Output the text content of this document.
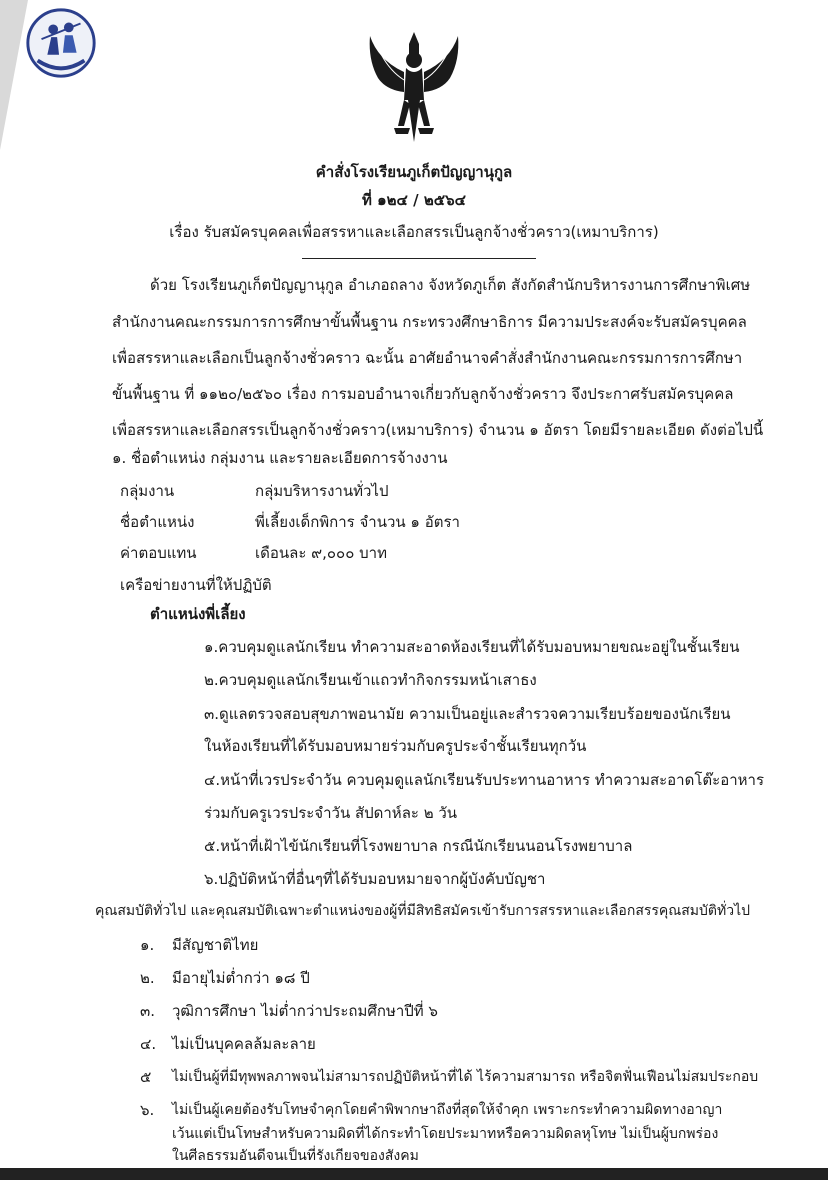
คำสั่งโรงเรียนภูเก็ตปัญญานุกูล
ที่ ๑๒๔ / ๒๕๖๔
เรื่อง รับสมัครบุคคลเพื่อสรรหาและเลือกสรรเป็นลูกจ้างชั่วคราว(เหมาบริการ)
ด้วย โรงเรียนภูเก็ตปัญญานุกูล อำเภอถลาง จังหวัดภูเก็ต สังกัดสำนักบริหารงานการศึกษาพิเศษ
สำนักงานคณะกรรมการการศึกษาขั้นพื้นฐาน กระทรวงศึกษาธิการ มีความประสงค์จะรับสมัครบุคคล
เพื่อสรรหาและเลือกเป็นลูกจ้างชั่วคราว ฉะนั้น อาศัยอำนาจคำสั่งสำนักงานคณะกรรมการการศึกษา
ขั้นพื้นฐาน ที่ ๑๑๒๐/๒๕๖๐ เรื่อง การมอบอำนาจเกี่ยวกับลูกจ้างชั่วคราว จึงประกาศรับสมัครบุคคล
เพื่อสรรหาและเลือกสรรเป็นลูกจ้างชั่วคราว(เหมาบริการ) จำนวน ๑ อัตรา โดยมีรายละเอียด ดังต่อไปนี้
๑. ชื่อตำแหน่ง กลุ่มงาน และรายละเอียดการจ้างงาน
กลุ่มงาน	กลุ่มบริหารงานทั่วไป
ชื่อตำแหน่ง	พี่เลี้ยงเด็กพิการ จำนวน ๑ อัตรา
ค่าตอบแทน	เดือนละ ๙,๐๐๐ บาท
เครือข่ายงานที่ให้ปฏิบัติ
ตำแหน่งพี่เลี้ยง
๑.ควบคุมดูแลนักเรียน ทำความสะอาดห้องเรียนที่ได้รับมอบหมายขณะอยู่ในชั้นเรียน
๒.ควบคุมดูแลนักเรียนเข้าแถวทำกิจกรรมหน้าเสาธง
๓.ดูแลตรวจสอบสุขภาพอนามัย ความเป็นอยู่และสำรวจความเรียบร้อยของนักเรียน
ในห้องเรียนที่ได้รับมอบหมายร่วมกับครูประจำชั้นเรียนทุกวัน
๔.หน้าที่เวรประจำวัน ควบคุมดูแลนักเรียนรับประทานอาหาร ทำความสะอาดโต๊ะอาหาร
ร่วมกับครูเวรประจำวัน สัปดาห์ละ ๒ วัน
๕.หน้าที่เฝ้าไข้นักเรียนที่โรงพยาบาล กรณีนักเรียนนอนโรงพยาบาล
๖.ปฏิบัติหน้าที่อื่นๆที่ได้รับมอบหมายจากผู้บังคับบัญชา
คุณสมบัติทั่วไป และคุณสมบัติเฉพาะตำแหน่งของผู้ที่มีสิทธิสมัครเข้ารับการสรรหาและเลือกสรรคุณสมบัติทั่วไป
๑. มีสัญชาติไทย
๒. มีอายุไม่ต่ำกว่า ๑๘ ปี
๓. วุฒิการศึกษา ไม่ต่ำกว่าประถมศึกษาปีที่ ๖
๔. ไม่เป็นบุคคลล้มละลาย
๕ ไม่เป็นผู้ที่มีทุพพลภาพจนไม่สามารถปฏิบัติหน้าที่ได้ ไร้ความสามารถ หรือจิตฟั่นเฟือนไม่สมประกอบ
๖. ไม่เป็นผู้เคยต้องรับโทษจำคุกโดยคำพิพากษาถึงที่สุดให้จำคุก เพราะกระทำความผิดทางอาญา
เว้นแต่เป็นโทษสำหรับความผิดที่ได้กระทำโดยประมาทหรือความผิดลหุโทษ ไม่เป็นผู้บกพร่อง
ในศีลธรรมอันดีจนเป็นที่รังเกียจของสังคม
